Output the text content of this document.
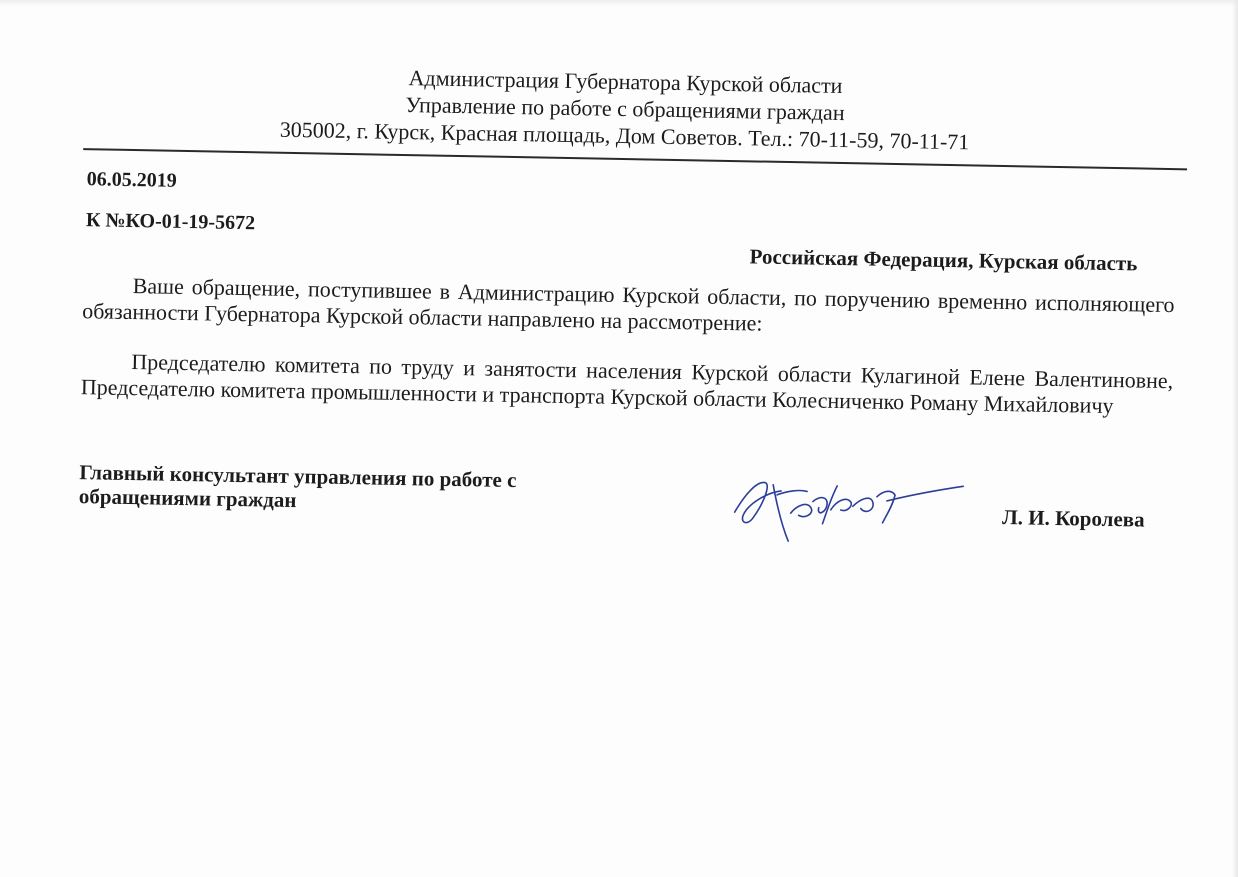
Администрация Губернатора Курской области
Управление по работе с обращениями граждан
305002, г. Курск, Красная площадь, Дом Советов. Тел.: 70-11-59, 70-11-71
06.05.2019
К №КО-01-19-5672
Российская Федерация, Курская область
Ваше обращение, поступившее в Администрацию Курской области, по поручению временно исполняющего обязанности Губернатора Курской области направлено на рассмотрение:
Председателю комитета по труду и занятости населения Курской области Кулагиной Елене Валентиновне, Председателю комитета промышленности и транспорта Курской области Колесниченко Роману Михайловичу
Главный консультант управления по работе с
обращениями граждан
Л. И. Королева
